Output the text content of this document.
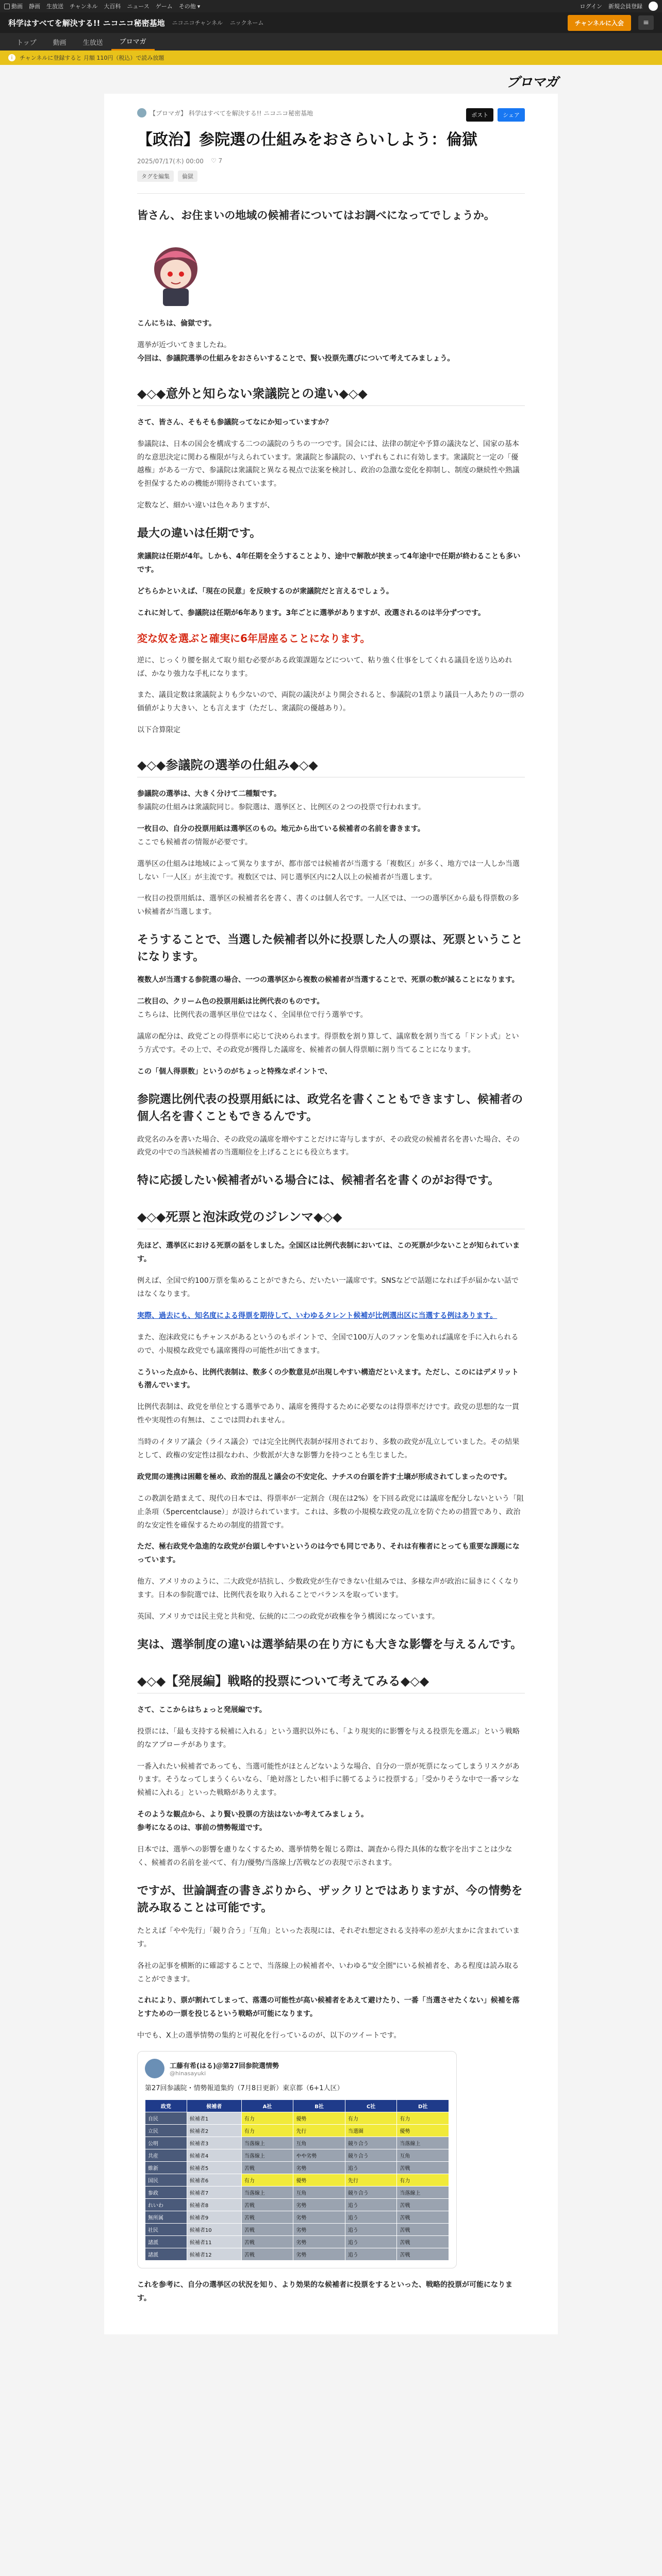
動画 静画 生放送 チャンネル 大百科 ニュース ゲーム その他 ▾	ログイン 新規会員登録
科学はすべてを解決する!! ニコニコ秘密基地 ニコニコチャンネル ニックネーム	チャンネルに入会	≡
トップ	動画	生放送	ブロマガ
i	チャンネルに登録すると 月額 110円（税込）で読み放題
ブロマガ
【ブロマガ】 科学はすべてを解決する!! ニコニコ秘密基地	ポスト	シェア
【政治】参院選の仕組みをおさらいしよう：倫獄
2025/07/17(木) 00:00 ♡ 7
タグを編集	倫獄
皆さん、お住まいの地域の候補者についてはお調べになってでしょうか。

こんにちは、倫獄です。

選挙が近づいてきましたね。
今回は、参議院選挙の仕組みをおさらいすることで、賢い投票先選びについて考えてみましょう。

◆◇◆意外と知らない衆議院との違い◆◇◆

さて、皆さん、そもそも参議院ってなにか知っていますか？

参議院は、日本の国会を構成する二つの議院のうちの一つです。国会には、法律の制定や予算の議決など、国家の基本的な意思決定に関わる権限が与えられています。衆議院と参議院の、いずれもこれに有効します。衆議院と一定の「優越権」がある一方で、参議院は衆議院と異なる視点で法案を検討し、政治の急激な変化を抑制し、制度の継続性や熟議を担保するための機能が期待されています。

定数など、細かい違いは色々ありますが、

最大の違いは任期です。

衆議院は任期が4年。しかも、4年任期を全うすることより、途中で解散が挟まって4年途中で任期が終わることも多いです。

どちらかといえば、「現在の民意」を反映するのが衆議院だと言えるでしょう。

これに対して、参議院は任期が6年あります。3年ごとに選挙がありますが、改選されるのは半分ずつです。

変な奴を選ぶと確実に6年居座ることになります。

逆に、じっくり腰を据えて取り組む必要がある政策課題などについて、粘り強く仕事をしてくれる議員を送り込めれば、かなり強力な手札になります。

また、議員定数は衆議院よりも少ないので、両院の議決がより開会されると、参議院の1票より議員一人あたりの一票の価値がより大きい、とも言えます（ただし、衆議院の優越あり）。

以下合算限定

◆◇◆参議院の選挙の仕組み◆◇◆

参議院の選挙は、大きく分けて二種類です。
参議院の仕組みは衆議院同じ。参院選は、選挙区と、比例区の２つの投票で行われます。

一枚目の、自分の投票用紙は選挙区のもの。地元から出ている候補者の名前を書きます。
ここでも候補者の情報が必要です。

選挙区の仕組みは地域によって異なりますが、都市部では候補者が当選する「複数区」が多く、地方では一人しか当選しない「一人区」が主流です。複数区では、同じ選挙区内に2人以上の候補者が当選します。

一枚目の投票用紙は、選挙区の候補者名を書く、書くのは個人名です。一人区では、一つの選挙区から最も得票数の多い候補者が当選します。

そうすることで、当選した候補者以外に投票した人の票は、死票ということになります。

複数人が当選する参院選の場合、一つの選挙区から複数の候補者が当選することで、死票の数が減ることになります。

二枚目の、クリーム色の投票用紙は比例代表のものです。
こちらは、比例代表の選挙区単位ではなく、全国単位で行う選挙です。

議席の配分は、政党ごとの得票率に応じて決められます。得票数を割り算して、議席数を割り当てる「ドント式」という方式です。その上で、その政党が獲得した議席を、候補者の個人得票順に割り当てることになります。

この「個人得票数」というのがちょっと特殊なポイントで、

参院選比例代表の投票用紙には、政党名を書くこともできますし、候補者の個人名を書くこともできるんです。

政党名のみを書いた場合、その政党の議席を増やすことだけに寄与しますが、その政党の候補者名を書いた場合、その政党の中での当該候補者の当選順位を上げることにも役立ちます。

特に応援したい候補者がいる場合には、候補者名を書くのがお得です。
◆◇◆死票と泡沫政党のジレンマ◆◇◆

先ほど、選挙区における死票の話をしました。全国区は比例代表制においては、この死票が少ないことが知られています。

例えば、全国で約100万票を集めることができたら、だいたい一議席です。SNSなどで話題になれば手が届かない話ではなくなります。

実際、過去にも、知名度による得票を期待して、いわゆるタレント候補が比例選出区に当選する例はあります。

また、泡沫政党にもチャンスがあるというのもポイントで、全国で100万人のファンを集めれば議席を手に入れられるので、小規模な政党でも議席獲得の可能性が出てきます。

こういった点から、比例代表制は、数多くの少数意見が出現しやすい構造だといえます。ただし、このにはデメリットも潜んでいます。

比例代表制は、政党を単位とする選挙であり、議席を獲得するために必要なのは得票率だけです。政党の思想的な一貫性や実現性の有無は、ここでは問われません。

当時のイタリア議会（ライス議会）では完全比例代表制が採用されており、多数の政党が乱立していました。その結果として、政権の安定性は損なわれ、少数派が大きな影響力を持つことも生じました。

政党間の連携は困難を極め、政治的混乱と議会の不安定化、ナチスの台頭を許す土壌が形成されてしまったのです。

この教訓を踏まえて、現代の日本では、得票率が一定割合（現在は2%）を下回る政党には議席を配分しないという「阻止条項（5percentclause）」が設けられています。これは、多数の小規模な政党の乱立を防ぐための措置であり、政治的な安定性を確保するための制度的措置です。

ただ、極右政党や急進的な政党が台頭しやすいというのは今でも同じであり、それは有権者にとっても重要な課題になっています。

他方、アメリカのように、二大政党が拮抗し、少数政党が生存できない仕組みでは、多様な声が政治に届きにくくなります。日本の参院選では、比例代表を取り入れることでバランスを取っています。

英国、アメリカでは民主党と共和党、伝統的に二つの政党が政権を争う構図になっています。

実は、選挙制度の違いは選挙結果の在り方にも大きな影響を与えるんです。
◆◇◆【発展編】戦略的投票について考えてみる◆◇◆

さて、ここからはちょっと発展編です。

投票には、「最も支持する候補に入れる」という選択以外にも、「より現実的に影響を与える投票先を選ぶ」という戦略的なアプローチがあります。

一番入れたい候補者であっても、当選可能性がほとんどないような場合、自分の一票が死票になってしまうリスクがあります。そうなってしまうくらいなら、「絶対落としたい相手に勝てるように投票する」「受かりそうな中で一番マシな候補に入れる」といった戦略がありえます。

そのような観点から、より賢い投票の方法はないか考えてみましょう。
参考になるのは、事前の情勢報道です。

日本では、選挙への影響を慮りなくするため、選挙情勢を報じる際は、調査から得た具体的な数字を出すことは少なく、候補者の名前を並べて、有力/優勢/当落線上/苦戦などの表現で示されます。

ですが、世論調査の書きぶりから、ザックリとではありますが、今の情勢を読み取ることは可能です。

たとえば「やや先行」「競り合う」「互角」といった表現には、それぞれ想定される支持率の差が大まかに含まれています。

各社の記事を横断的に確認することで、当落線上の候補者や、いわゆる"安全圏"にいる候補者を、ある程度は読み取ることができます。

これにより、票が割れてしまって、落選の可能性が高い候補者をあえて避けたり、一番「当選させたくない」候補を落とすための一票を投じるという戦略が可能になります。

中でも、X上の選挙情勢の集約と可視化を行っているのが、以下のツイートです。

工藤有希(はる)＠第27回参院選情勢
@hinasayuki
第27回参議院・情勢報道集約（7月8日更新）東京都（6+1人区）
政党	候補者	A社	B社	C社	D社
自民	候補者1	有力	優勢	有力	有力
立民	候補者2	有力	先行	当選圏	優勢
公明	候補者3	当落線上	互角	競り合う	当落線上
共産	候補者4	当落線上	やや劣勢	競り合う	互角
維新	候補者5	苦戦	劣勢	追う	苦戦
国民	候補者6	有力	優勢	先行	有力
参政	候補者7	当落線上	互角	競り合う	当落線上
れいわ	候補者8	苦戦	劣勢	追う	苦戦
無所属	候補者9	苦戦	劣勢	追う	苦戦
社民	候補者10	苦戦	劣勢	追う	苦戦
諸派	候補者11	苦戦	劣勢	追う	苦戦
諸派	候補者12	苦戦	劣勢	追う	苦戦

これを参考に、自分の選挙区の状況を知り、より効果的な候補者に投票をするといった、戦略的投票が可能になります。
